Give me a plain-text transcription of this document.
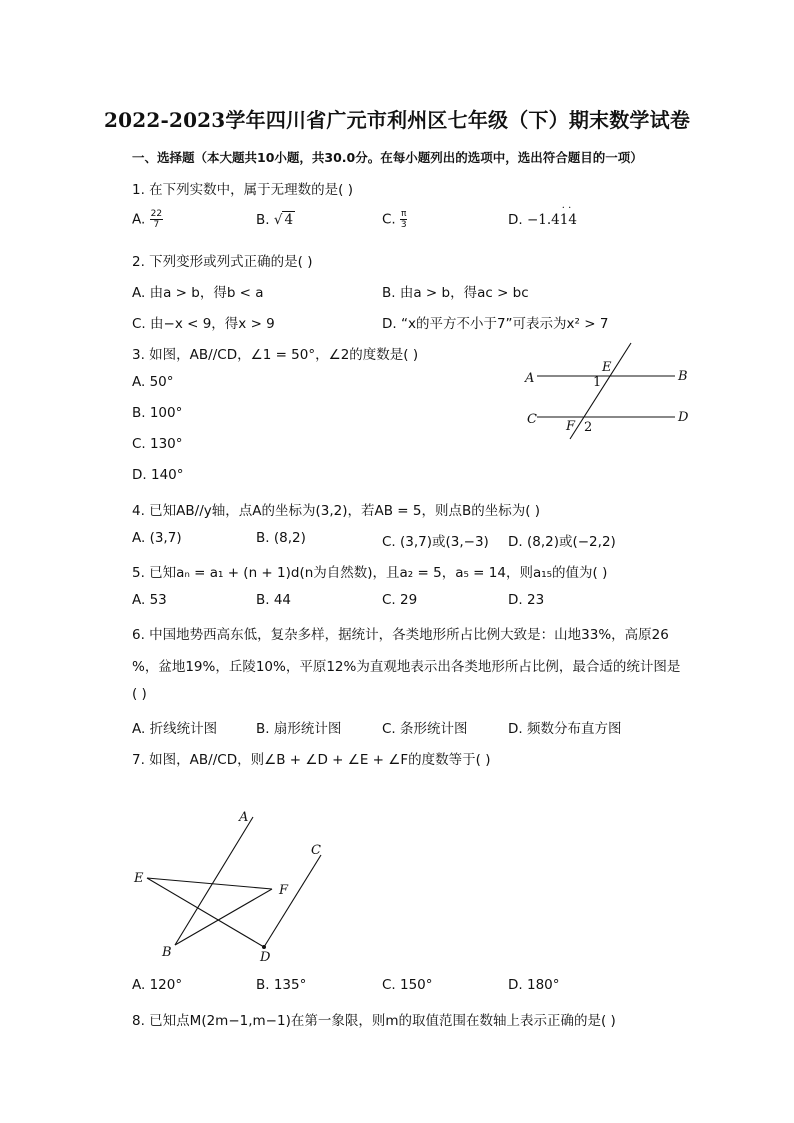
2022-2023学年四川省广元市利州区七年级（下）期末数学试卷
一、选择题（本大题共10小题，共30.0分。在每小题列出的选项中，选出符合题目的一项）
1. 在下列实数中，属于无理数的是( )
A. $\frac{22}{7}$	B. √ 4	C. $\frac{\pi}{3}$	D. −1.4
· ·
14
2. 下列变形或列式正确的是( )
A. 由a > b，得b < a	B. 由a > b，得ac > bc
C. 由−x < 9，得x > 9	D. “x的平方不小于7”可表示为x² > 7
3. 如图，AB//CD，∠1 = 50°，∠2的度数是( )
A. 50°
B. 100°
C. 130°
D. 140°
A	B
C	D
E
F
1
2
4. 已知AB//y轴，点A的坐标为(3,2)，若AB = 5，则点B的坐标为( )
A. (3,7)	B. (8,2)	C. (3,7)或(3,−3) D. (8,2)或(−2,2)
5. 已知aₙ = a₁ + (n + 1)d(n为自然数)，且a₂ = 5，a₅ = 14，则a₁₅的值为( )
A. 53	B. 44	C. 29	D. 23
6. 中国地势西高东低，复杂多样，据统计，各类地形所占比例大致是：山地33%，高原26
%，盆地19%，丘陵10%，平原12%为直观地表示出各类地形所占比例，最合适的统计图是
( )
A. 折线统计图	B. 扇形统计图	C. 条形统计图	D. 频数分布直方图
7. 如图，AB//CD，则∠B + ∠D + ∠E + ∠F的度数等于( )
A
B
C
D
E
F
A. 120°	B. 135°	C. 150°	D. 180°
8. 已知点M(2m−1,m−1)在第一象限，则m的取值范围在数轴上表示正确的是( )
